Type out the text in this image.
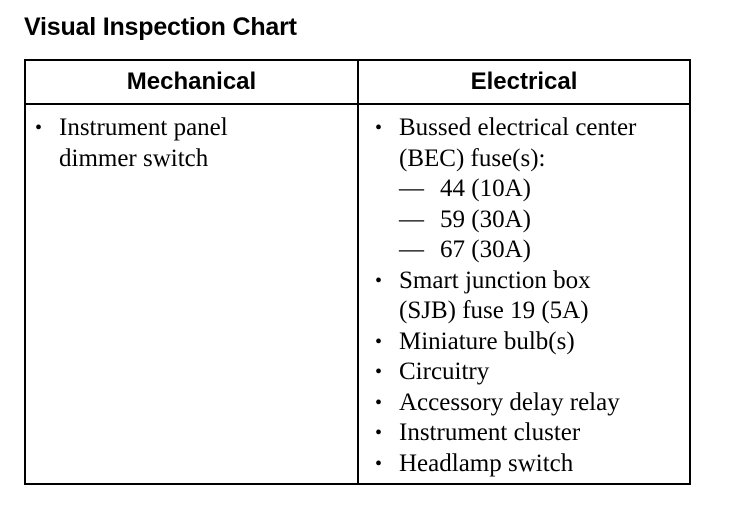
Visual Inspection Chart
Mechanical	Electrical
• Instrument panel
dimmer switch
• Bussed electrical center
(BEC) fuse(s):
— 44 (10A)
— 59 (30A)
— 67 (30A)
• Smart junction box
(SJB) fuse 19 (5A)
• Miniature bulb(s)
• Circuitry
• Accessory delay relay
• Instrument cluster
• Headlamp switch
